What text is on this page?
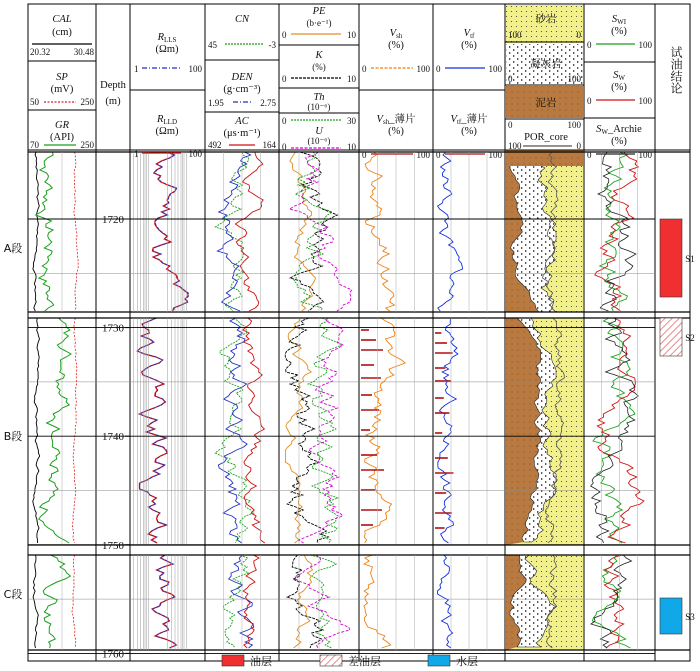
1720
1730
1740
1750
1760
A段
B段
C段
S1
S2
S3
CAL
(cm)
20.32	30.48
SP
(mV)
50	250
GR
(API)
70	250
Depth
(m)
RLLS
(Ωm)
1	100
RLLD
(Ωm)
1	100
CN
45	-3
DEN
(g·cm⁻³)
1.95	2.75
AC
(μs·m⁻¹)
492	164
PE
(b·e⁻¹)
0	10
K
(%)
0	10
Th
(10⁻⁶)
0	30
U
(10⁻⁶)
0	10
Vsh
(%)
0	100
Vsh_薄片
(%)
0	100
Vtf
(%)
0	100
Vtf_薄片
(%)
0	100
砂岩
100	0
凝灰岩
0	100
泥岩
0	100
POR_core
100	0
SWI
(%)
0	100
SW
(%)
0	100
SW_Archie
(%)
0	100
试油结论
油层	差油层	水层
